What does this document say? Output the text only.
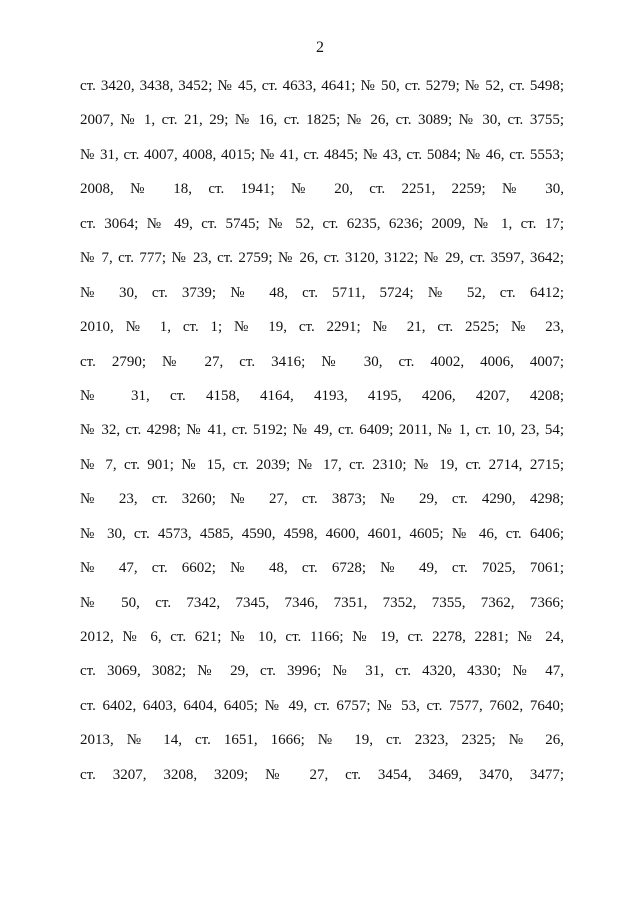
2
ст. 3420, 3438, 3452; № 45, ст. 4633, 4641; № 50, ст. 5279; № 52, ст. 5498;
2007, № 1, ст. 21, 29; № 16, ст. 1825; № 26, ст. 3089; № 30, ст. 3755;
№ 31, ст. 4007, 4008, 4015; № 41, ст. 4845; № 43, ст. 5084; № 46, ст. 5553;
2008, № 18, ст. 1941; № 20, ст. 2251, 2259; № 30,
ст. 3064; № 49, ст. 5745; № 52, ст. 6235, 6236; 2009, № 1, ст. 17;
№ 7, ст. 777; № 23, ст. 2759; № 26, ст. 3120, 3122; № 29, ст. 3597, 3642;
№ 30, ст. 3739; № 48, ст. 5711, 5724; № 52, ст. 6412;
2010, № 1, ст. 1; № 19, ст. 2291; № 21, ст. 2525; № 23,
ст. 2790; № 27, ст. 3416; № 30, ст. 4002, 4006, 4007;
№ 31, ст. 4158, 4164, 4193, 4195, 4206, 4207, 4208;
№ 32, ст. 4298; № 41, ст. 5192; № 49, ст. 6409; 2011, № 1, ст. 10, 23, 54;
№ 7, ст. 901; № 15, ст. 2039; № 17, ст. 2310; № 19, ст. 2714, 2715;
№ 23, ст. 3260; № 27, ст. 3873; № 29, ст. 4290, 4298;
№ 30, ст. 4573, 4585, 4590, 4598, 4600, 4601, 4605; № 46, ст. 6406;
№ 47, ст. 6602; № 48, ст. 6728; № 49, ст. 7025, 7061;
№ 50, ст. 7342, 7345, 7346, 7351, 7352, 7355, 7362, 7366;
2012, № 6, ст. 621; № 10, ст. 1166; № 19, ст. 2278, 2281; № 24,
ст. 3069, 3082; № 29, ст. 3996; № 31, ст. 4320, 4330; № 47,
ст. 6402, 6403, 6404, 6405; № 49, ст. 6757; № 53, ст. 7577, 7602, 7640;
2013, № 14, ст. 1651, 1666; № 19, ст. 2323, 2325; № 26,
ст. 3207, 3208, 3209; № 27, ст. 3454, 3469, 3470, 3477;
